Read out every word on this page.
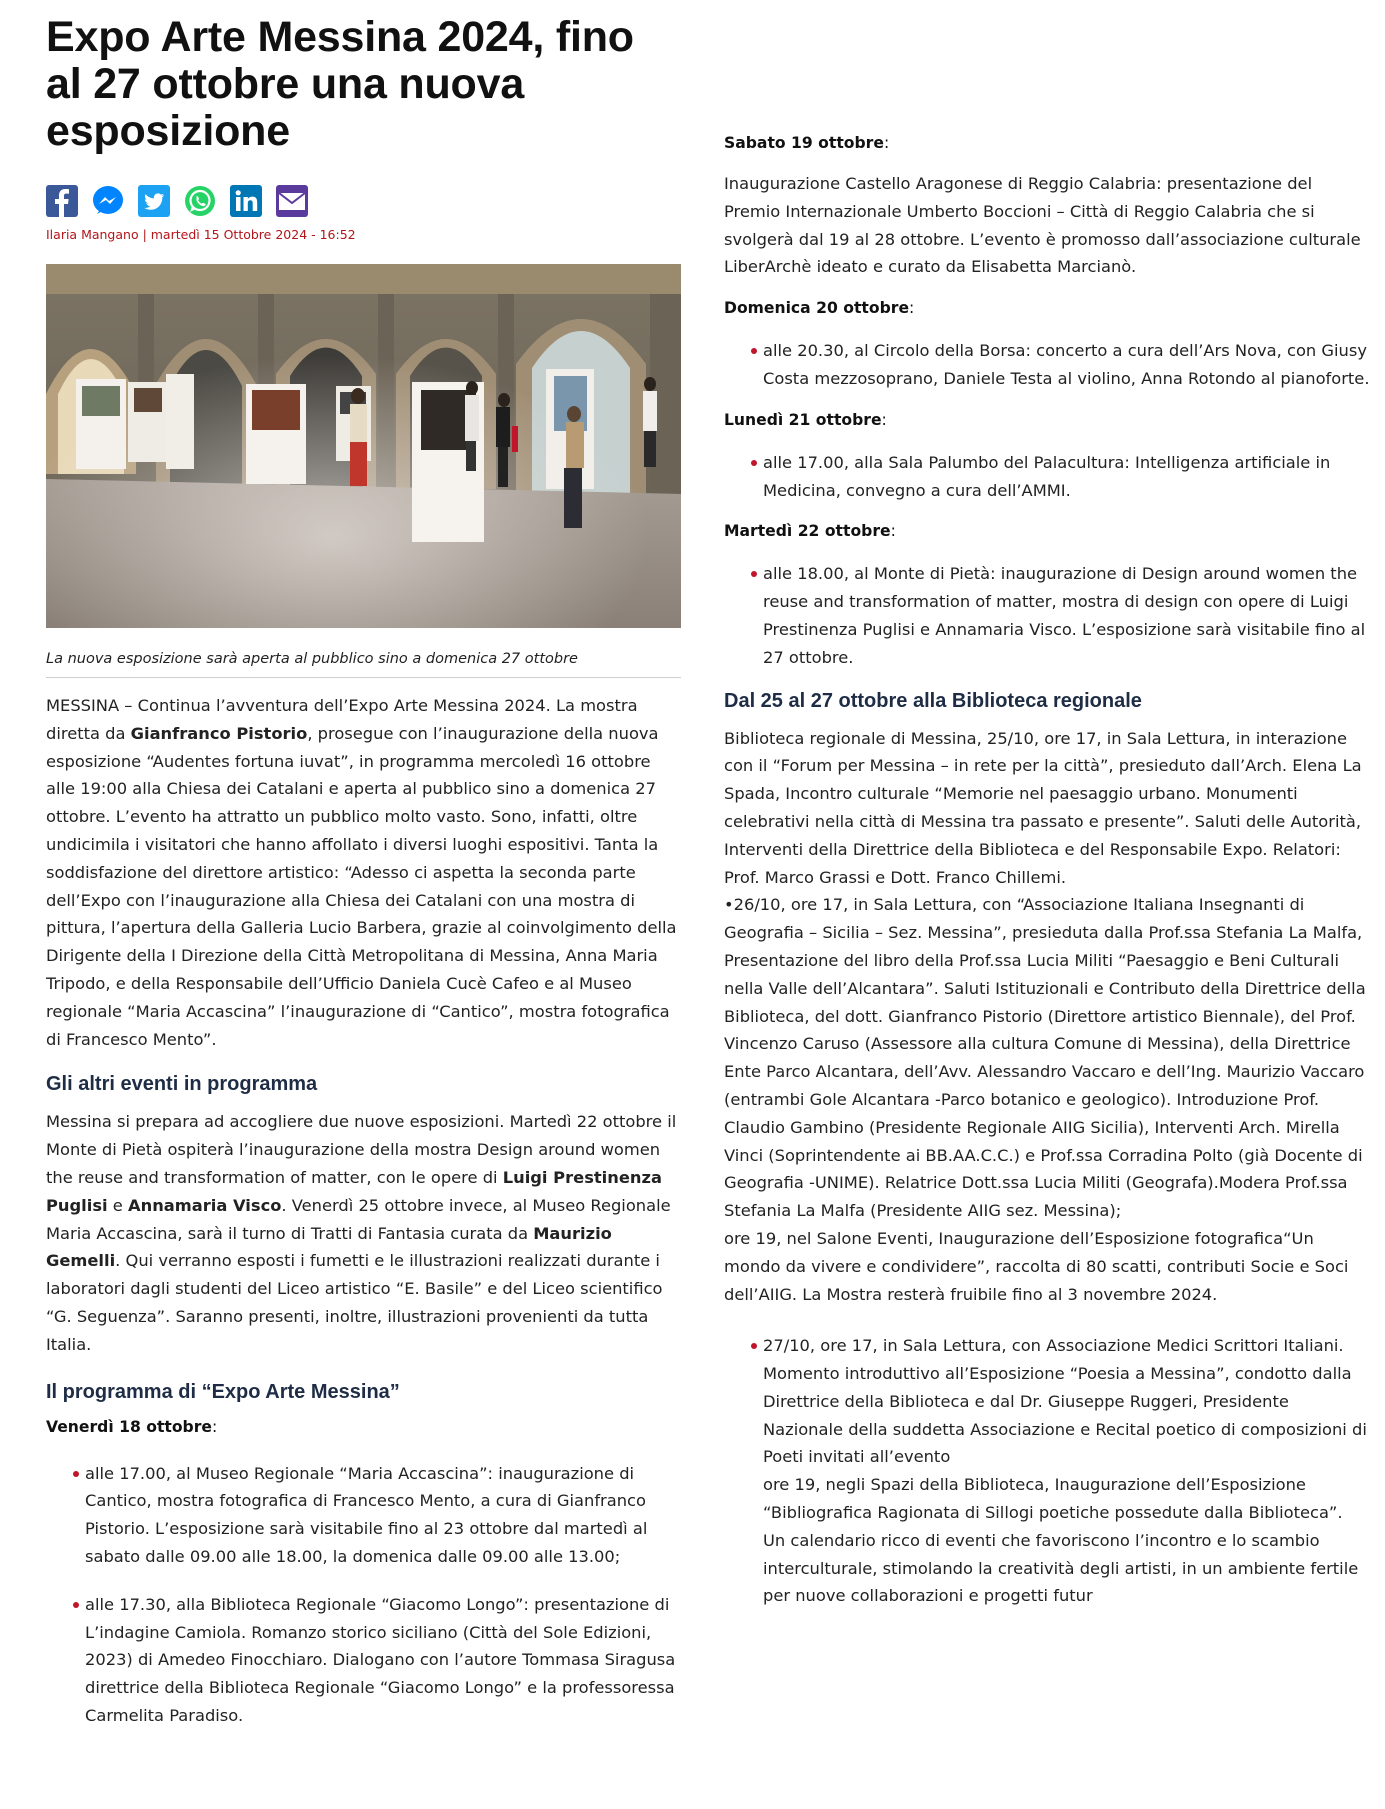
Expo Arte Messina 2024, fino al 27 ottobre una nuova esposizione
Ilaria Mangano | martedì 15 Ottobre 2024 - 16:52
La nuova esposizione sarà aperta al pubblico sino a domenica 27 ottobre

MESSINA – Continua l’avventura dell’Expo Arte Messina 2024. La mostra diretta da Gianfranco Pistorio, prosegue con l’inaugurazione della nuova esposizione “Audentes fortuna iuvat”, in programma mercoledì 16 ottobre alle 19:00 alla Chiesa dei Catalani e aperta al pubblico sino a domenica 27 ottobre. L’evento ha attratto un pubblico molto vasto. Sono, infatti, oltre undicimila i visitatori che hanno affollato i diversi luoghi espositivi. Tanta la soddisfazione del direttore artistico: “Adesso ci aspetta la seconda parte dell’Expo con l’inaugurazione alla Chiesa dei Catalani con una mostra di pittura, l’apertura della Galleria Lucio Barbera, grazie al coinvolgimento della Dirigente della I Direzione della Città Metropolitana di Messina, Anna Maria Tripodo, e della Responsabile dell’Ufficio Daniela Cucè Cafeo e al Museo regionale “Maria Accascina” l’inaugurazione di “Cantico”, mostra fotografica di Francesco Mento”.

Gli altri eventi in programma

Messina si prepara ad accogliere due nuove esposizioni. Martedì 22 ottobre il Monte di Pietà ospiterà l’inaugurazione della mostra Design around women the reuse and transformation of matter, con le opere di Luigi Prestinenza Puglisi e Annamaria Visco. Venerdì 25 ottobre invece, al Museo Regionale Maria Accascina, sarà il turno di Tratti di Fantasia curata da Maurizio Gemelli. Qui verranno esposti i fumetti e le illustrazioni realizzati durante i laboratori dagli studenti del Liceo artistico “E. Basile” e del Liceo scientifico “G. Seguenza”. Saranno presenti, inoltre, illustrazioni provenienti da tutta Italia.

Il programma di “Expo Arte Messina”
Venerdì 18 ottobre:
alle 17.00, al Museo Regionale “Maria Accascina”: inaugurazione di Cantico, mostra fotografica di Francesco Mento, a cura di Gianfranco Pistorio. L’esposizione sarà visitabile fino al 23 ottobre dal martedì al sabato dalle 09.00 alle 18.00, la domenica dalle 09.00 alle 13.00;
alle 17.30, alla Biblioteca Regionale “Giacomo Longo”: presentazione di L’indagine Camiola. Romanzo storico siciliano (Città del Sole Edizioni, 2023) di Amedeo Finocchiaro. Dialogano con l’autore Tommasa Siragusa direttrice della Biblioteca Regionale “Giacomo Longo” e la professoressa Carmelita Paradiso.
Sabato 19 ottobre:

Inaugurazione Castello Aragonese di Reggio Calabria: presentazione del Premio Internazionale Umberto Boccioni – Città di Reggio Calabria che si svolgerà dal 19 al 28 ottobre. L’evento è promosso dall’associazione culturale LiberArchè ideato e curato da Elisabetta Marcianò.

Domenica 20 ottobre:
alle 20.30, al Circolo della Borsa: concerto a cura dell’Ars Nova, con Giusy Costa mezzosoprano, Daniele Testa al violino, Anna Rotondo al pianoforte.
Lunedì 21 ottobre:
alle 17.00, alla Sala Palumbo del Palacultura: Intelligenza artificiale in Medicina, convegno a cura dell’AMMI.
Martedì 22 ottobre:
alle 18.00, al Monte di Pietà: inaugurazione di Design around women the reuse and transformation of matter, mostra di design con opere di Luigi Prestinenza Puglisi e Annamaria Visco. L’esposizione sarà visitabile fino al 27 ottobre.
Dal 25 al 27 ottobre alla Biblioteca regionale

Biblioteca regionale di Messina, 25/10, ore 17, in Sala Lettura, in interazione con il “Forum per Messina – in rete per la città”, presieduto dall’Arch. Elena La Spada, Incontro culturale “Memorie nel paesaggio urbano. Monumenti celebrativi nella città di Messina tra passato e presente”. Saluti delle Autorità, Interventi della Direttrice della Biblioteca e del Responsabile Expo. Relatori: Prof. Marco Grassi e Dott. Franco Chillemi.

•26/10, ore 17, in Sala Lettura, con “Associazione Italiana Insegnanti di Geografia – Sicilia – Sez. Messina”, presieduta dalla Prof.ssa Stefania La Malfa, Presentazione del libro della Prof.ssa Lucia Militi “Paesaggio e Beni Culturali nella Valle dell’Alcantara”. Saluti Istituzionali e Contributo della Direttrice della Biblioteca, del dott. Gianfranco Pistorio (Direttore artistico Biennale), del Prof. Vincenzo Caruso (Assessore alla cultura Comune di Messina), della Direttrice Ente Parco Alcantara, dell’Avv. Alessandro Vaccaro e dell’Ing. Maurizio Vaccaro (entrambi Gole Alcantara -Parco botanico e geologico). Introduzione Prof. Claudio Gambino (Presidente Regionale AIIG Sicilia), Interventi Arch. Mirella Vinci (Soprintendente ai BB.AA.C.C.) e Prof.ssa Corradina Polto (già Docente di Geografia -UNIME). Relatrice Dott.ssa Lucia Militi (Geografa).Modera Prof.ssa Stefania La Malfa (Presidente AIIG sez. Messina);

ore 19, nel Salone Eventi, Inaugurazione dell’Esposizione fotografica“Un mondo da vivere e condividere”, raccolta di 80 scatti, contributi Socie e Soci dell’AIIG. La Mostra resterà fruibile fino al 3 novembre 2024.

27/10, ore 17, in Sala Lettura, con Associazione Medici Scrittori Italiani. Momento introduttivo all’Esposizione “Poesia a Messina”, condotto dalla Direttrice della Biblioteca e dal Dr. Giuseppe Ruggeri, Presidente Nazionale della suddetta Associazione e Recital poetico di composizioni di Poeti invitati all’evento
ore 19, negli Spazi della Biblioteca, Inaugurazione dell’Esposizione “Bibliografica Ragionata di Sillogi poetiche possedute dalla Biblioteca”.
Un calendario ricco di eventi che favoriscono l’incontro e lo scambio interculturale, stimolando la creatività degli artisti, in un ambiente fertile per nuove collaborazioni e progetti futur
